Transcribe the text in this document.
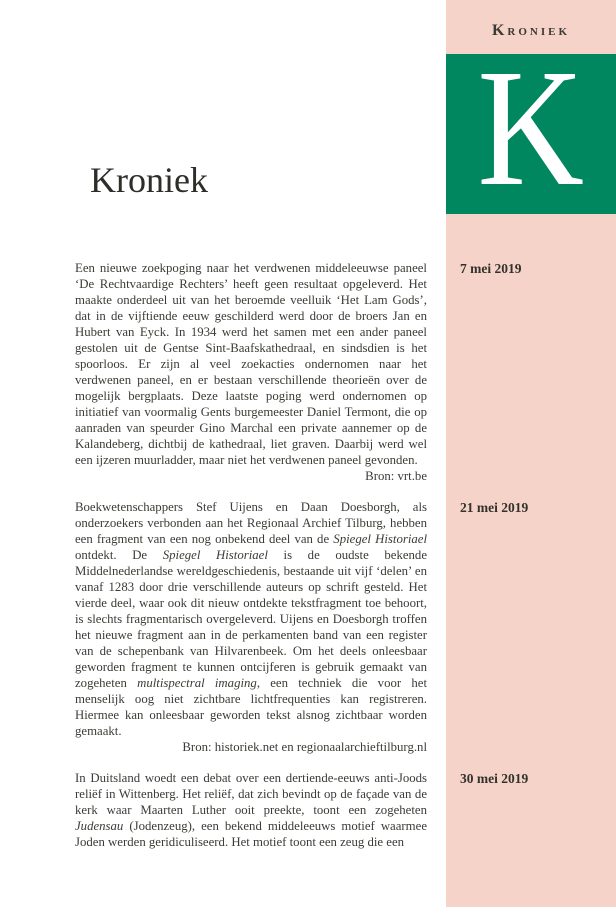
Kroniek
K
Kroniek

Een nieuwe zoekpoging naar het verdwenen middeleeuwse paneel ‘De Rechtvaardige Rechters’ heeft geen resultaat opgeleverd. Het maakte onderdeel uit van het beroemde veelluik ‘Het Lam Gods’, dat in de vijftiende eeuw geschilderd werd door de broers Jan en Hubert van Eyck. In 1934 werd het samen met een ander paneel gestolen uit de Gentse Sint-Baafskathedraal, en sindsdien is het spoorloos. Er zijn al veel zoekacties ondernomen naar het verdwenen paneel, en er bestaan verschillende theorieën over de mogelijk bergplaats. Deze laatste poging werd ondernomen op initiatief van voormalig Gents burgemeester Daniel Termont, die op aanraden van speurder Gino Marchal een private aannemer op de Kalandeberg, dichtbij de kathedraal, liet graven. Daarbij werd wel een ijzeren muurladder, maar niet het verdwenen paneel gevonden.

Bron: vrt.be

7 mei 2019

Boekwetenschappers Stef Uijens en Daan Doesborgh, als onderzoekers verbonden aan het Regionaal Archief Tilburg, hebben een fragment van een nog onbekend deel van de Spiegel Historiael ontdekt. De Spiegel Historiael is de oudste bekende Middelnederlandse wereldgeschiedenis, bestaande uit vijf ‘delen’ en vanaf 1283 door drie verschillende auteurs op schrift gesteld. Het vierde deel, waar ook dit nieuw ontdekte tekstfragment toe behoort, is slechts fragmentarisch overgeleverd. Uijens en Doesborgh troffen het nieuwe fragment aan in de perkamenten band van een register van de schepenbank van Hilvarenbeek. Om het deels onleesbaar geworden fragment te kunnen ontcijferen is gebruik gemaakt van zogeheten multispectral imaging, een techniek die voor het menselijk oog niet zichtbare lichtfrequenties kan registreren. Hiermee kan onleesbaar geworden tekst alsnog zichtbaar worden gemaakt.

Bron: historiek.net en regionaalarchieftilburg.nl

21 mei 2019

In Duitsland woedt een debat over een dertiende-eeuws anti-Joods reliëf in Wittenberg. Het reliëf, dat zich bevindt op de façade van de kerk waar Maarten Luther ooit preekte, toont een zogeheten Judensau (Jodenzeug), een bekend middeleeuws motief waarmee Joden werden geridiculiseerd. Het motief toont een zeug die een

30 mei 2019
